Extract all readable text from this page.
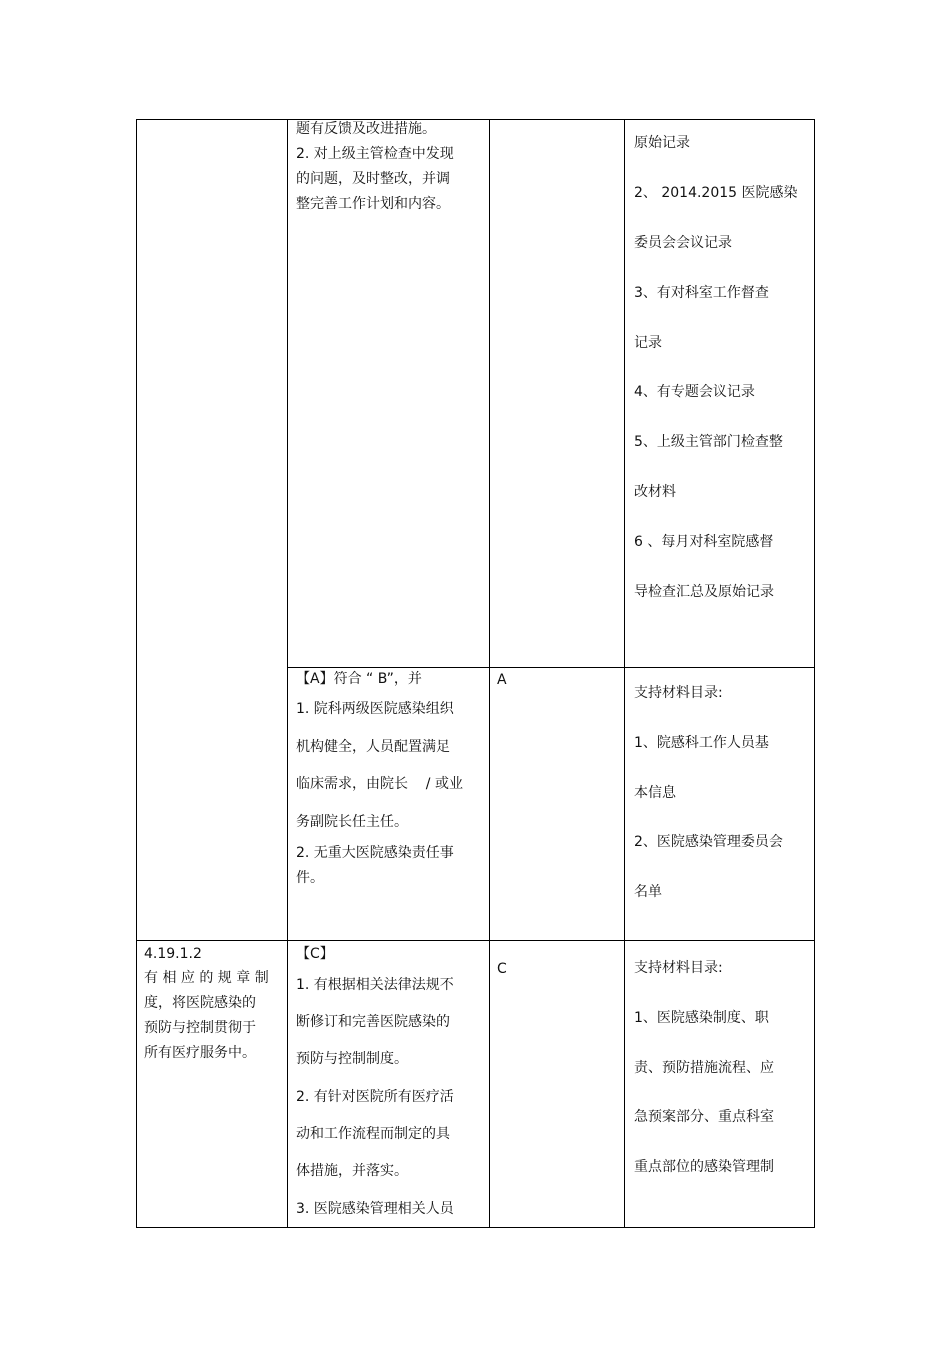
题有反馈及改进措施。
2. 对上级主管检查中发现
的问题，及时整改，并调
整完善工作计划和内容。
原始记录
2、 2014.2015 医院感染
委员会会议记录
3、有对科室工作督查
记录
4、有专题会议记录
5、上级主管部门检查整
改材料
6 、每月对科室院感督
导检查汇总及原始记录
【A】符合 “ B”，并
1. 院科两级医院感染组织
机构健全，人员配置满足
临床需求，由院长    / 或业
务副院长任主任。
2. 无重大医院感染责任事
件。
A
支持材料目录:
1、院感科工作人员基
本信息
2、医院感染管理委员会
名单
4.19.1.2
有 相 应 的 规 章 制
度，将医院感染的
预防与控制贯彻于
所有医疗服务中。
【C】
1. 有根据相关法律法规不
断修订和完善医院感染的
预防与控制制度。
2. 有针对医院所有医疗活
动和工作流程而制定的具
体措施，并落实。
3. 医院感染管理相关人员
C	支持材料目录:
1、医院感染制度、职
责、预防措施流程、应
急预案部分、重点科室
重点部位的感染管理制
